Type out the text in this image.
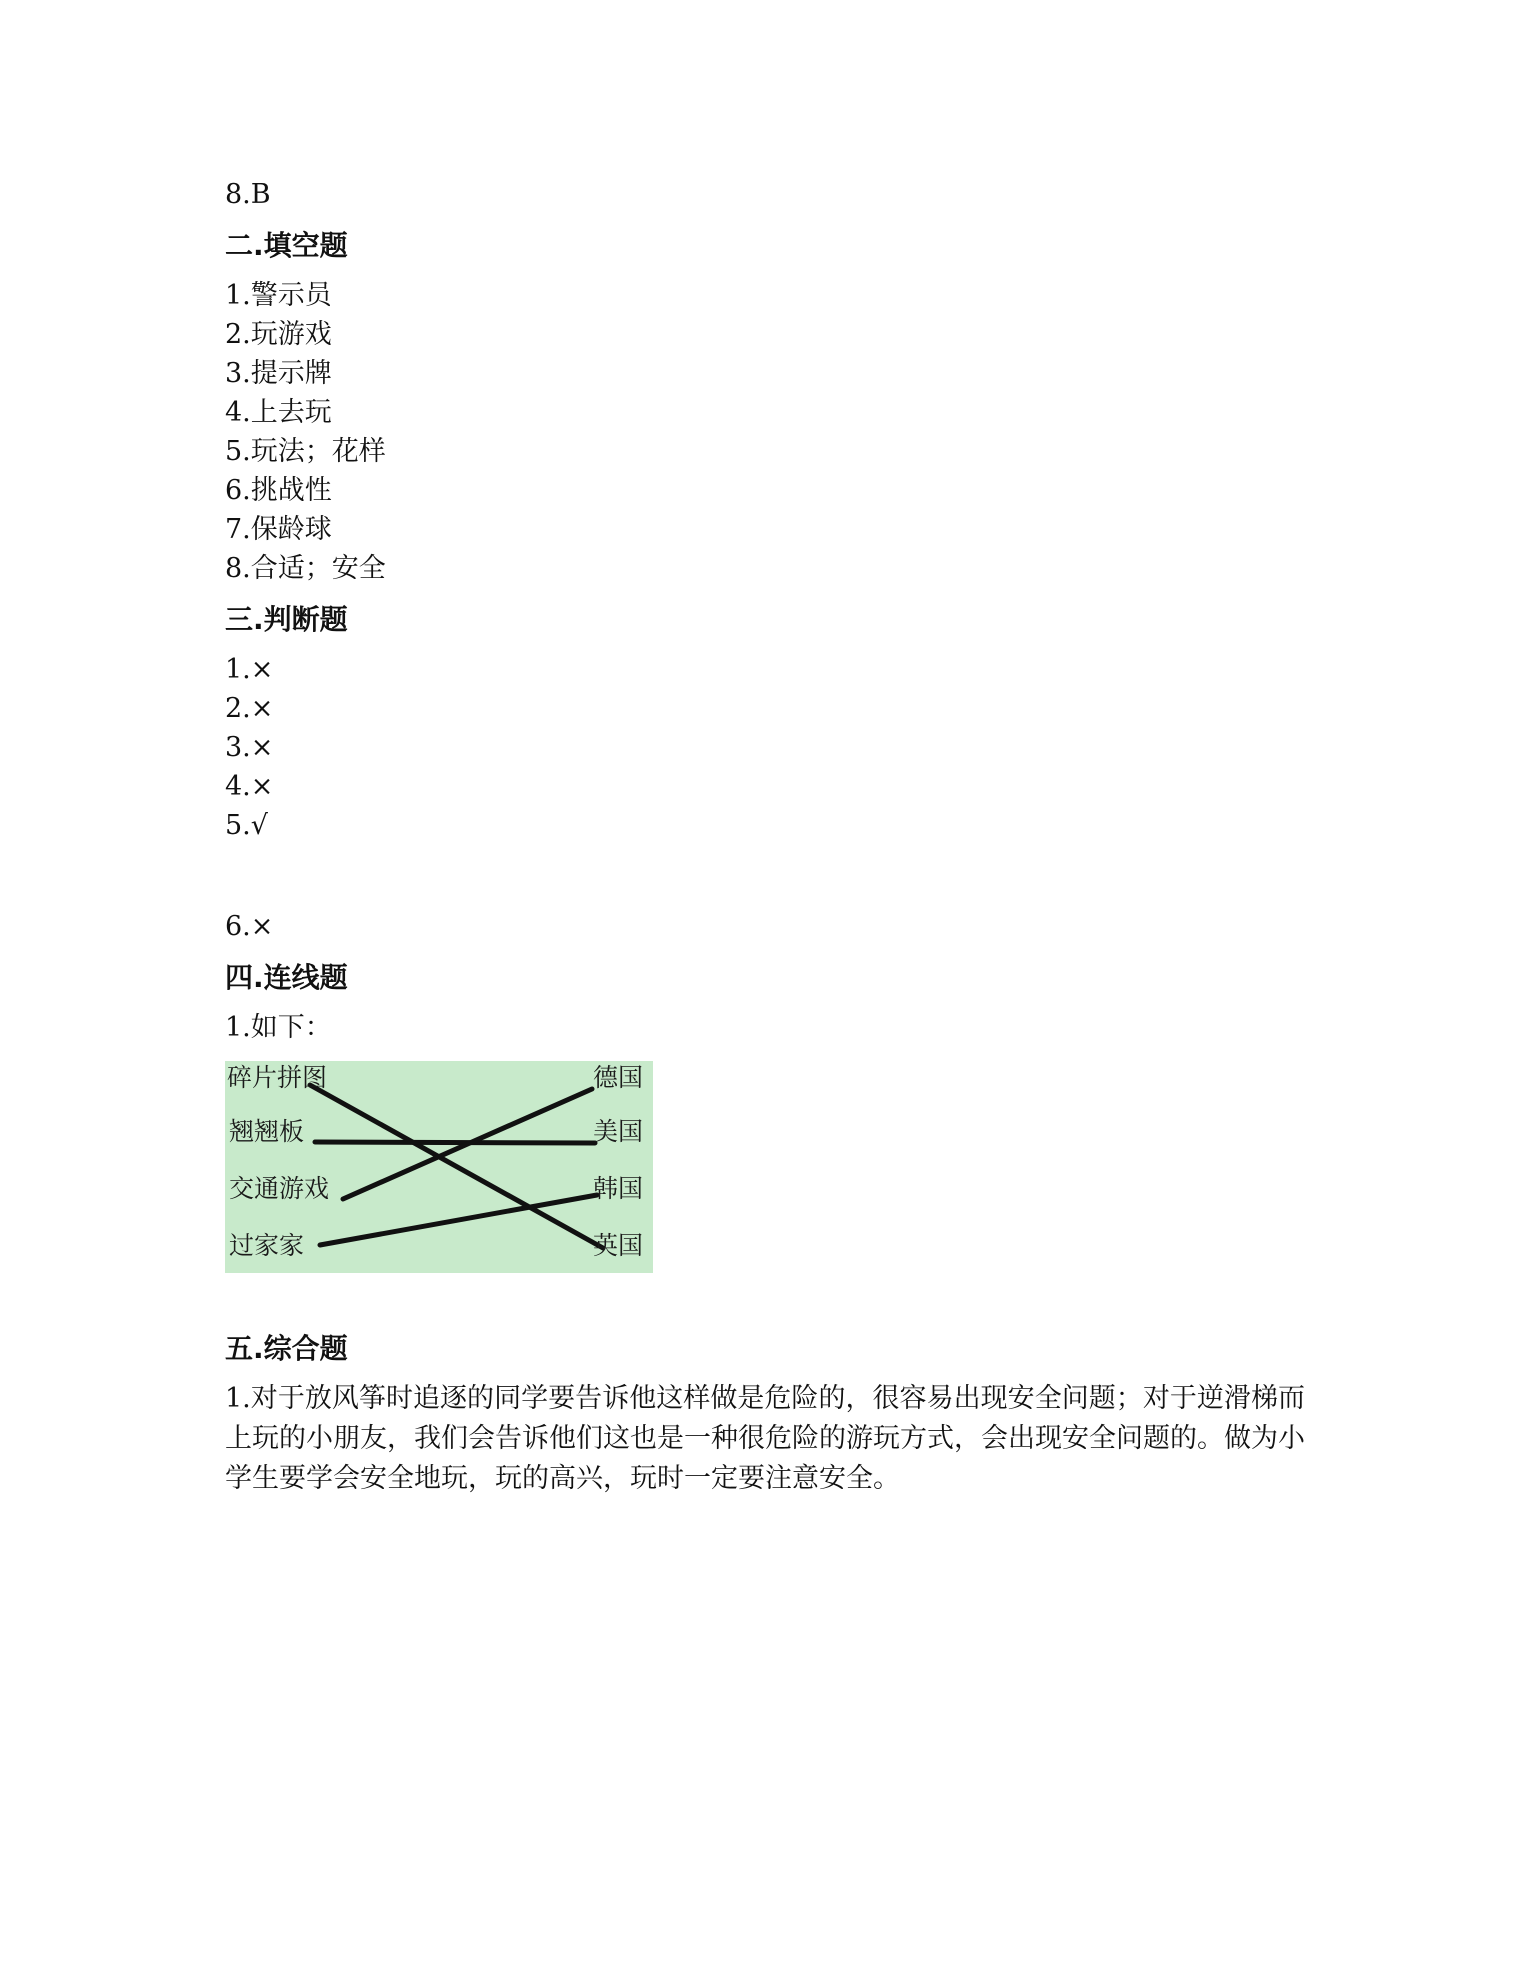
8.B
二.填空题
1.警示员
2.玩游戏
3.提示牌
4.上去玩
5.玩法；花样
6.挑战性
7.保龄球
8.合适；安全
三.判断题
1.×
2.×
3.×
4.×
5.√
6.×
四.连线题
1.如下：
碎片拼图
翘翘板
交通游戏
过家家
德国
美国
韩国
英国
五.综合题
1.对于放风筝时追逐的同学要告诉他这样做是危险的，很容易出现安全问题；对于逆滑梯而上玩的小朋友，我们会告诉他们这也是一种很危险的游玩方式，会出现安全问题的。做为小学生要学会安全地玩，玩的高兴，玩时一定要注意安全。
